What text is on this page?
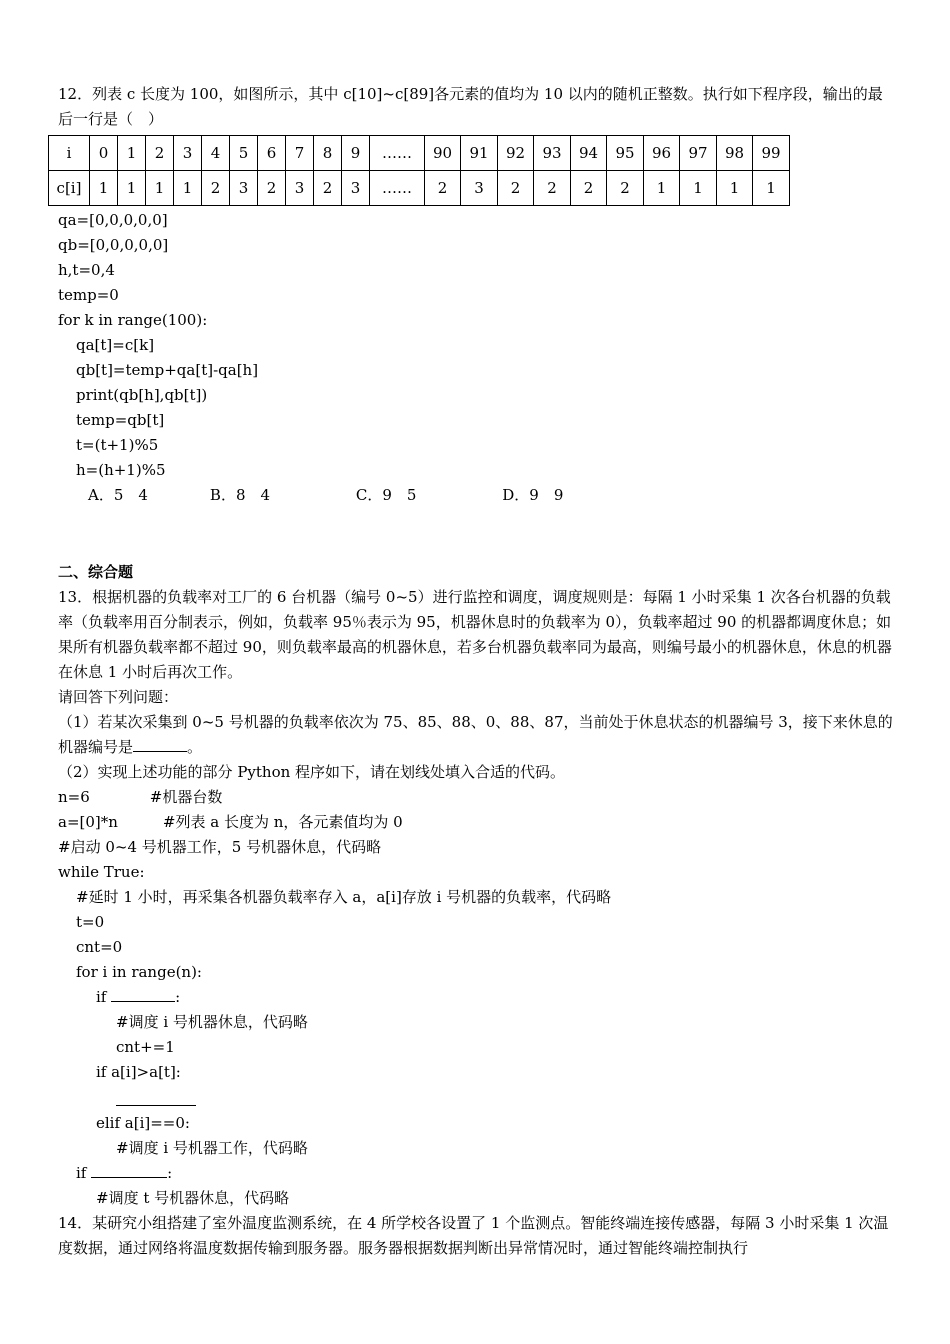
12．列表 c 长度为 100，如图所示，其中 c[10]~c[89]各元素的值均为 10 以内的随机正整数。执行如下程序段，输出的最后一行是（　）

i	0	1	2	3	4	5	6	7	8	9	……	90	91	92	93	94	95	96	97	98	99
c[i]	1	1	1	1	2	3	2	3	2	3	……	2	3	2	2	2	2	1	1	1	1

qa=[0,0,0,0,0]

qb=[0,0,0,0,0]

h,t=0,4

temp=0

for k in range(100):

qa[t]=c[k]

qb[t]=temp+qa[t]-qa[h]

print(qb[h],qb[t])

temp=qb[t]

t=(t+1)%5

h=(h+1)%5

A．5　4	B．8　4	C．9　5	D．9　9

二、综合题

13．根据机器的负载率对工厂的 6 台机器（编号 0~5）进行监控和调度，调度规则是：每隔 1 小时采集 1 次各台机器的负载率（负载率用百分制表示，例如，负载率 95％表示为 95，机器休息时的负载率为 0），负载率超过 90 的机器都调度休息；如果所有机器负载率都不超过 90，则负载率最高的机器休息，若多台机器负载率同为最高，则编号最小的机器休息，休息的机器在休息 1 小时后再次工作。

请回答下列问题：

（1）若某次采集到 0~5 号机器的负载率依次为 75、85、88、0、88、87，当前处于休息状态的机器编号 3，接下来休息的机器编号是	。

（2）实现上述功能的部分 Python 程序如下，请在划线处填入合适的代码。

n=6　　　　#机器台数

a=[0]*n　　　#列表 a 长度为 n，各元素值均为 0

#启动 0~4 号机器工作，5 号机器休息，代码略

while True:

#延时 1 小时，再采集各机器负载率存入 a，a[i]存放 i 号机器的负载率，代码略

t=0

cnt=0

for i in range(n):

if	:

#调度 i 号机器休息，代码略

cnt+=1

if a[i]>a[t]:

elif a[i]==0:

#调度 i 号机器工作，代码略

if	:

#调度 t 号机器休息，代码略

14．某研究小组搭建了室外温度监测系统，在 4 所学校各设置了 1 个监测点。智能终端连接传感器，每隔 3 小时采集 1 次温度数据，通过网络将温度数据传输到服务器。服务器根据数据判断出异常情况时，通过智能终端控制执行
